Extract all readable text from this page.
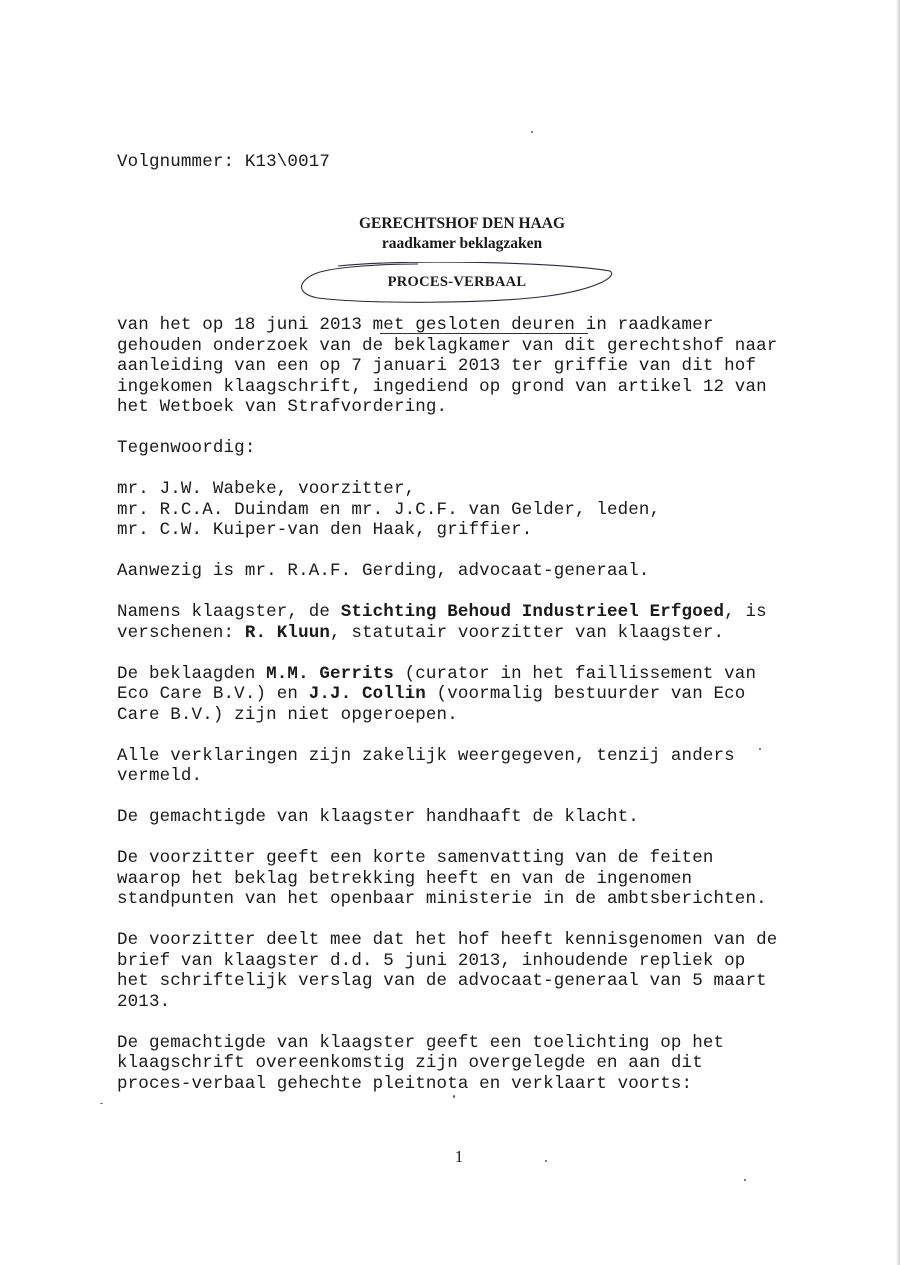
Volgnummer: K13\0017

GERECHTSHOF DEN HAAG
raadkamer beklagzaken
PROCES-VERBAAL

van het op 18 juni 2013 met gesloten deuren in raadkamer
gehouden onderzoek van de beklagkamer van dit gerechtshof naar
aanleiding van een op 7 januari 2013 ter griffie van dit hof
ingekomen klaagschrift, ingediend op grond van artikel 12 van
het Wetboek van Strafvordering.

Tegenwoordig:

mr. J.W. Wabeke, voorzitter,
mr. R.C.A. Duindam en mr. J.C.F. van Gelder, leden,
mr. C.W. Kuiper-van den Haak, griffier.

Aanwezig is mr. R.A.F. Gerding, advocaat-generaal.

Namens klaagster, de Stichting Behoud Industrieel Erfgoed, is
verschenen: R. Kluun, statutair voorzitter van klaagster.

De beklaagden M.M. Gerrits (curator in het faillissement van
Eco Care B.V.) en J.J. Collin (voormalig bestuurder van Eco
Care B.V.) zijn niet opgeroepen.

Alle verklaringen zijn zakelijk weergegeven, tenzij anders
vermeld.

De gemachtigde van klaagster handhaaft de klacht.

De voorzitter geeft een korte samenvatting van de feiten
waarop het beklag betrekking heeft en van de ingenomen
standpunten van het openbaar ministerie in de ambtsberichten.

De voorzitter deelt mee dat het hof heeft kennisgenomen van de
brief van klaagster d.d. 5 juni 2013, inhoudende repliek op
het schriftelijk verslag van de advocaat-generaal van 5 maart
2013.

De gemachtigde van klaagster geeft een toelichting op het
klaagschrift overeenkomstig zijn overgelegde en aan dit
proces-verbaal gehechte pleitnota en verklaart voorts:

1
